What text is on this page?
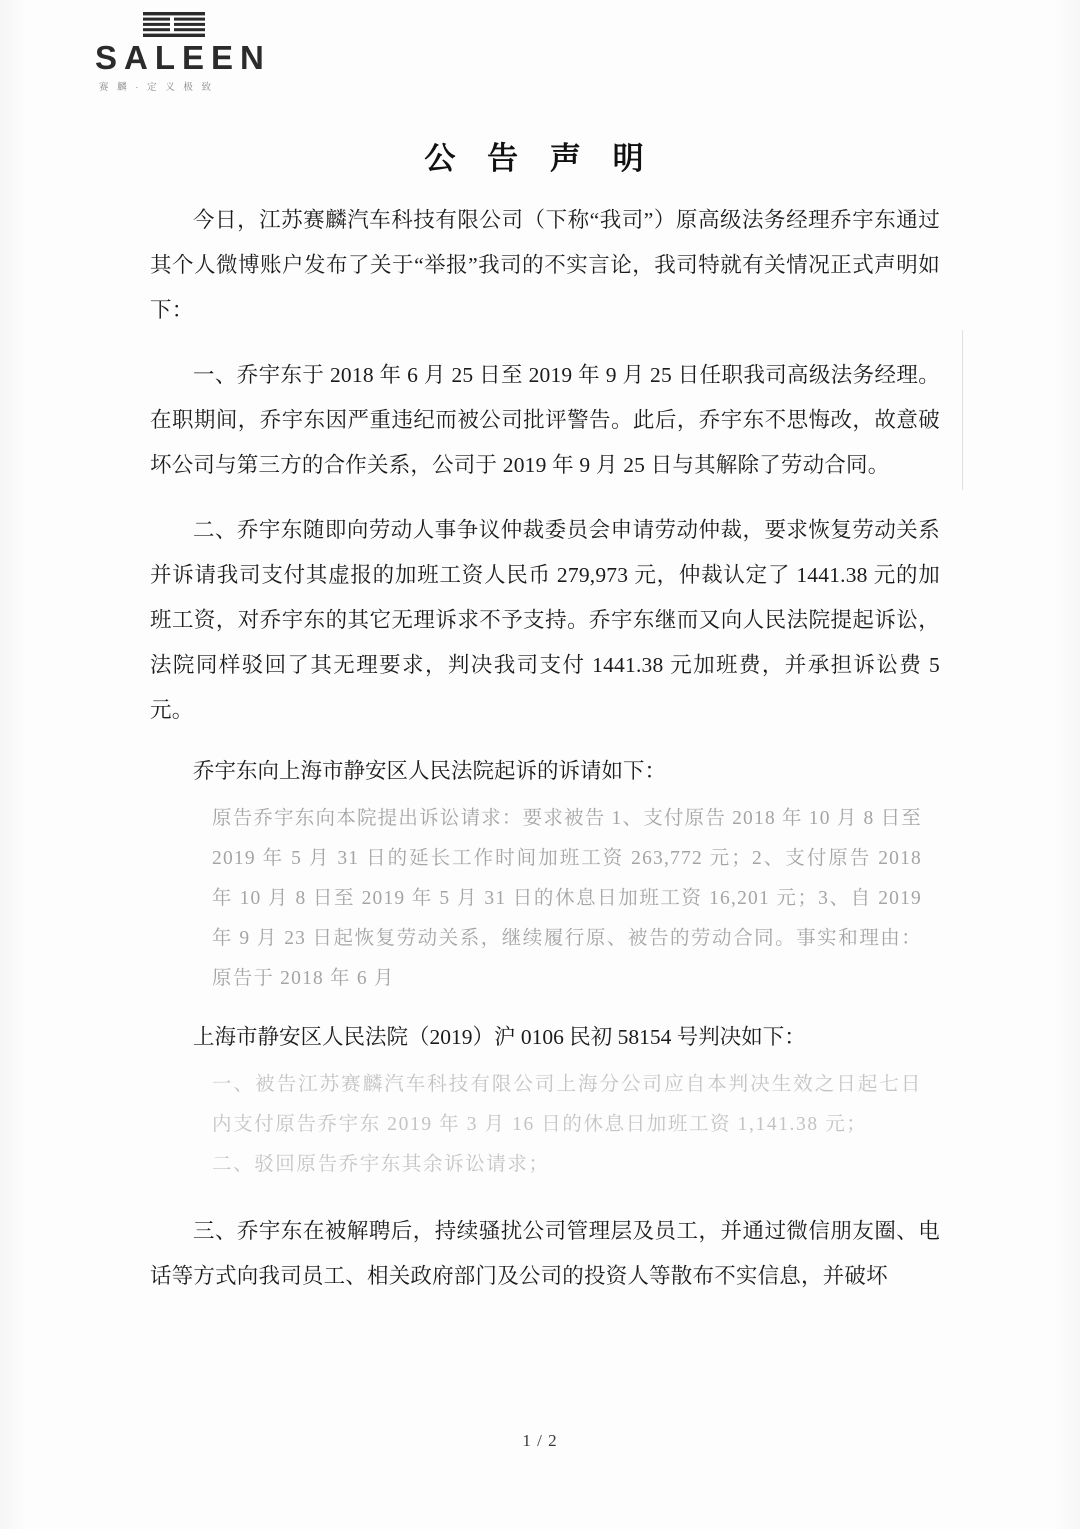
SALEEN
赛 麟 · 定 义 极 致
公 告 声 明

今日，江苏赛麟汽车科技有限公司（下称“我司”）原高级法务经理乔宇东通过其个人微博账户发布了关于“举报”我司的不实言论，我司特就有关情况正式声明如下：

一、乔宇东于 2018 年 6 月 25 日至 2019 年 9 月 25 日任职我司高级法务经理。在职期间，乔宇东因严重违纪而被公司批评警告。此后，乔宇东不思悔改，故意破坏公司与第三方的合作关系，公司于 2019 年 9 月 25 日与其解除了劳动合同。

二、乔宇东随即向劳动人事争议仲裁委员会申请劳动仲裁，要求恢复劳动关系并诉请我司支付其虚报的加班工资人民币 279,973 元，仲裁认定了 1441.38 元的加班工资，对乔宇东的其它无理诉求不予支持。乔宇东继而又向人民法院提起诉讼，法院同样驳回了其无理要求，判决我司支付 1441.38 元加班费，并承担诉讼费 5 元。

乔宇东向上海市静安区人民法院起诉的诉请如下：

原告乔宇东向本院提出诉讼请求：要求被告 1、支付原告 2018 年 10 月 8 日至 2019 年 5 月 31 日的延长工作时间加班工资 263,772 元；2、支付原告 2018 年 10 月 8 日至 2019 年 5 月 31 日的休息日加班工资 16,201 元；3、自 2019 年 9 月 23 日起恢复劳动关系，继续履行原、被告的劳动合同。事实和理由：原告于 2018 年 6 月

上海市静安区人民法院（2019）沪 0106 民初 58154 号判决如下：

一、被告江苏赛麟汽车科技有限公司上海分公司应自本判决生效之日起七日内支付原告乔宇东 2019 年 3 月 16 日的休息日加班工资 1,141.38 元；

二、驳回原告乔宇东其余诉讼请求；

三、乔宇东在被解聘后，持续骚扰公司管理层及员工，并通过微信朋友圈、电话等方式向我司员工、相关政府部门及公司的投资人等散布不实信息，并破坏

1 / 2
